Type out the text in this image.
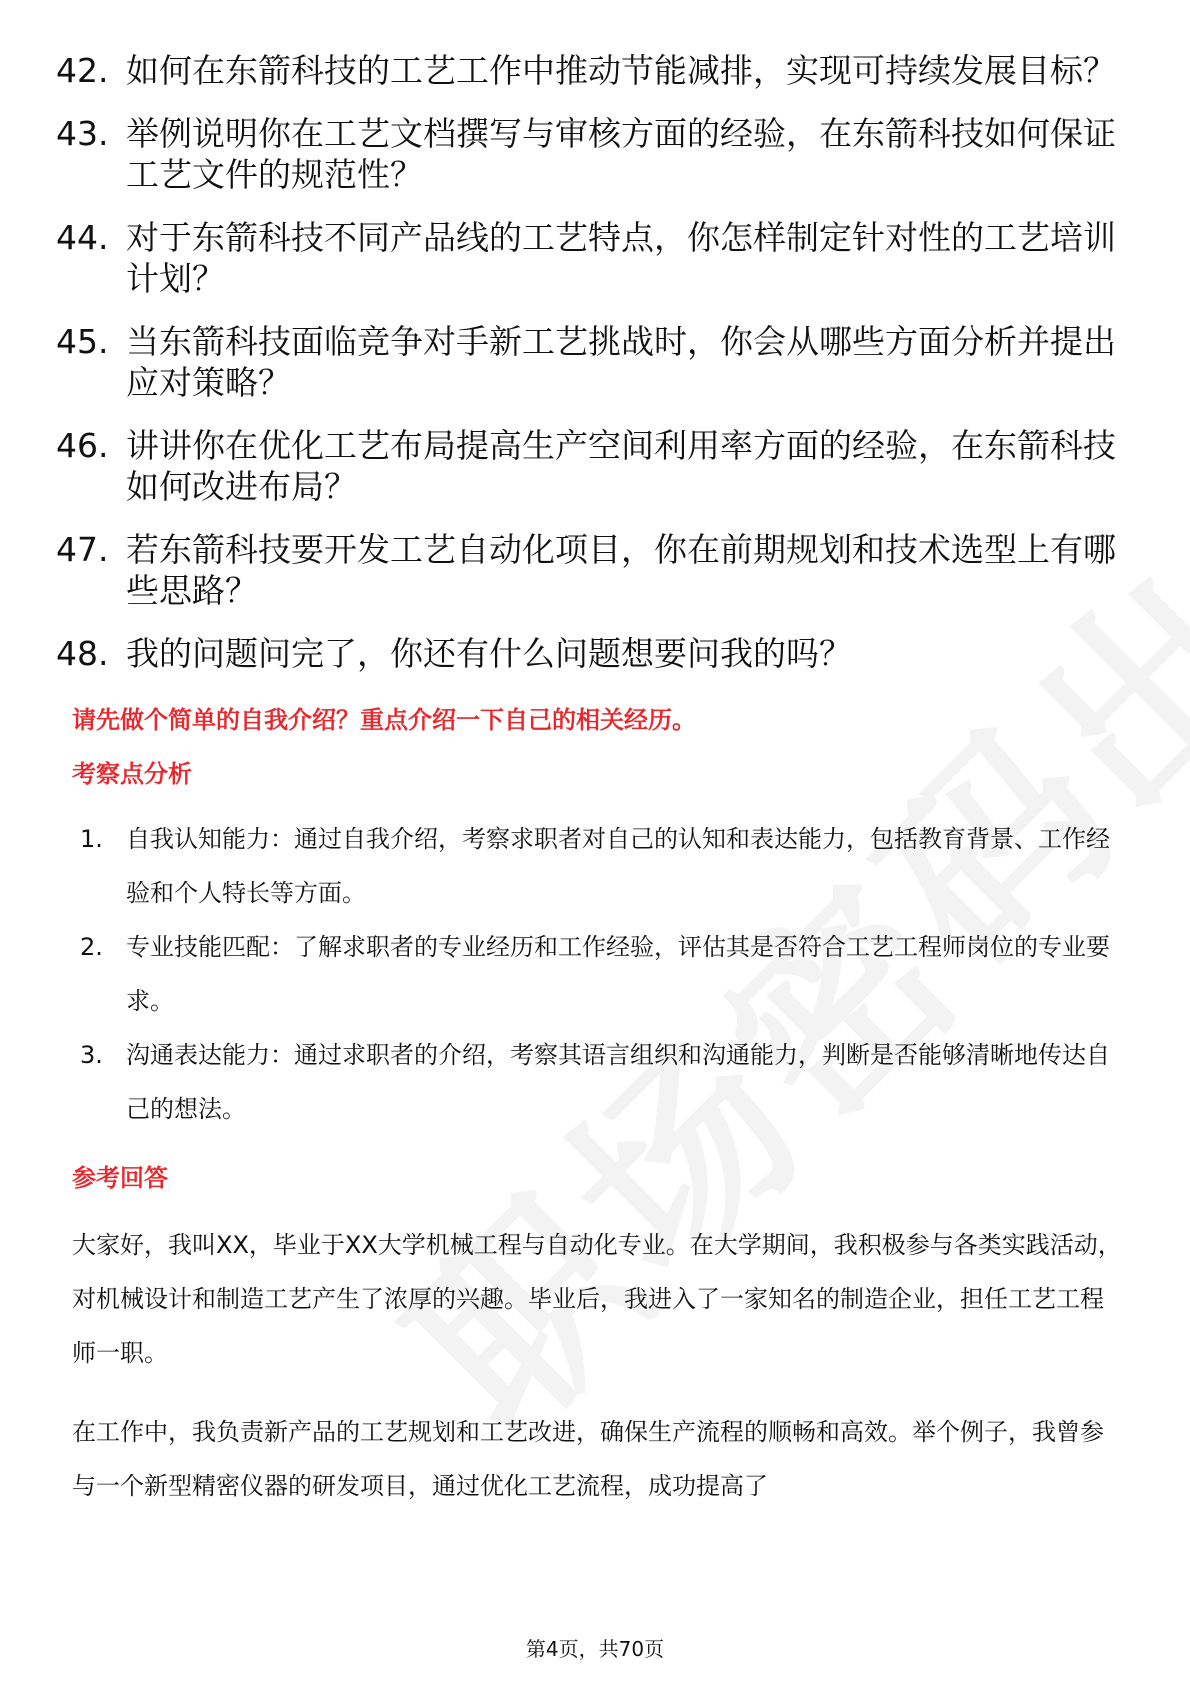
42. 如何在东箭科技的工艺工作中推动节能减排，实现可持续发展目标？
43. 举例说明你在工艺文档撰写与审核方面的经验，在东箭科技如何保证工艺文件的规范性？
44. 对于东箭科技不同产品线的工艺特点，你怎样制定针对性的工艺培训计划？
45. 当东箭科技面临竞争对手新工艺挑战时，你会从哪些方面分析并提出应对策略？
46. 讲讲你在优化工艺布局提高生产空间利用率方面的经验，在东箭科技如何改进布局？
47. 若东箭科技要开发工艺自动化项目，你在前期规划和技术选型上有哪些思路？
48. 我的问题问完了，你还有什么问题想要问我的吗？
请先做个简单的自我介绍？重点介绍一下自己的相关经历。
考察点分析
1. 自我认知能力：通过自我介绍，考察求职者对自己的认知和表达能力，包括教育背景、工作经验和个人特长等方面。
2. 专业技能匹配：了解求职者的专业经历和工作经验，评估其是否符合工艺工程师岗位的专业要求。
3. 沟通表达能力：通过求职者的介绍，考察其语言组织和沟通能力，判断是否能够清晰地传达自己的想法。
参考回答

大家好，我叫XX，毕业于XX大学机械工程与自动化专业。在大学期间，我积极参与各类实践活动，对机械设计和制造工艺产生了浓厚的兴趣。毕业后，我进入了一家知名的制造企业，担任工艺工程师一职。

在工作中，我负责新产品的工艺规划和工艺改进，确保生产流程的顺畅和高效。举个例子，我曾参与一个新型精密仪器的研发项目，通过优化工艺流程，成功提高了

第4页，共70页
